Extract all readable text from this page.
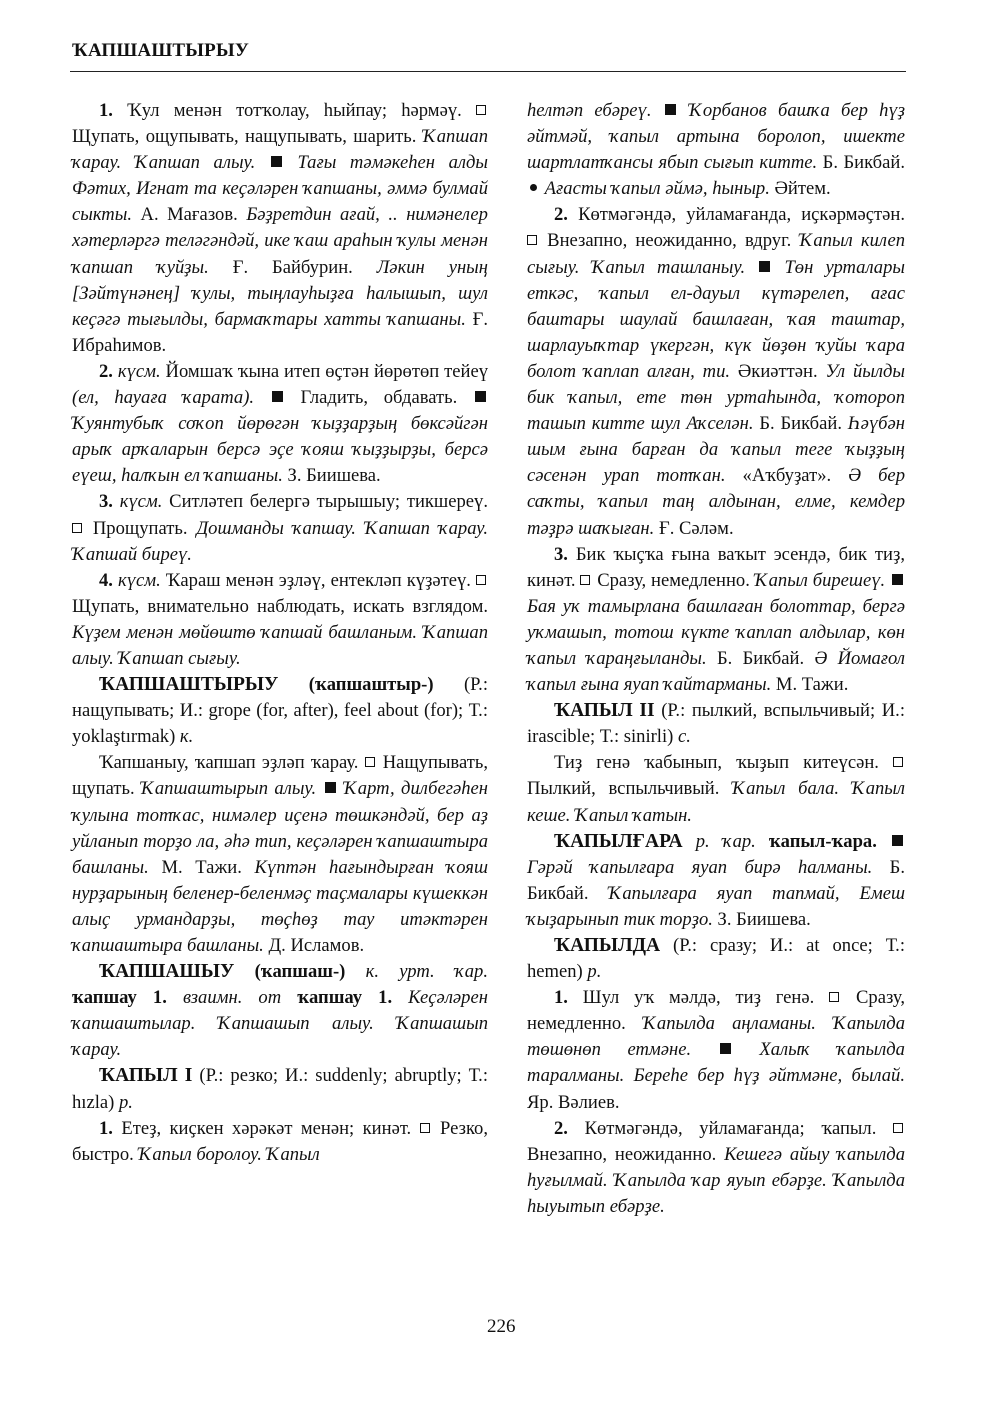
ҠАПШАШТЫРЫУ
1. Ҡул менән тотҡолау, һыйпау; һәрмәү.  Щупать, ощупывать, нащупывать, шарить. Ҡапшап ҡарау. Ҡапшап алыу. Тағы тәмәкеһен алды Фәтих, Игнат та кеҫәләрен ҡапшаны, әммә булмай сыкты. А. Мағазов. Бәҙретдин ағай, .. нимәнелер хәтерләргә теләгәндәй, ике ҡаш араһын ҡулы менән ҡапшап ҡуйҙы. Ғ. Байбурин. Ләкин уның [Зәйтүнәнең] ҡулы, тыңлауһыҙға һалышып, шул кеҫәгә тығылды, бармаҡтары хатты ҡапшаны. Ғ. Ибраһимов.
2. күсм. Йомшаҡ ҡына итеп өҫтән йөрөтөп тейеү (ел, һауаға ҡарата).  Гладить, обдавать.  Ҡуянтубыҡ соҡоп йөрөгән ҡыҙҙарҙың бөксәйгән арыҡ арҡаларын берсә эҫе ҡояш ҡыҙҙырҙы, берсә еүеш, һалҡын ел ҡапшаны. З. Биишева.
3. күсм. Ситләтеп белергә тырышыу; тикшереү.  Прощупать. Дошманды ҡапшау. Ҡапшап ҡарау. Ҡапшай биреү.
4. күсм. Ҡараш менән эҙләү, ентекләп күҙәтеү.  Щупать, внимательно наблюдать, искать взглядом. Күҙем менән мөйөштө ҡапшай башланым. Ҡапшап алыу. Ҡапшап сығыу.
ҠАПШАШТЫРЫУ (ҡапшаштыр-) (Р.: нащупывать; И.: grope (for, after), feel about (for); Т.: yoklaştırmak) к.
Ҡапшаныу, ҡапшап эҙләп ҡарау.  Нащупывать, щупать. Ҡапшаштырып алыу. Ҡарт, дилбегәһен ҡулына тотҡас, нимәлер иҫенә төшкәндәй, бер аҙ уйланып торҙо ла, әһә тип, кеҫәләрен ҡапшаштыра башланы. М. Тажи. Күптән һағындырған ҡояш нурҙарының беленер-беленмәҫ таҫмалары күшеккән алыҫ урмандарҙы, төҫһөҙ тау итәктәрен ҡапшаштыра башланы. Д. Исламов.
ҠАПШАШЫУ (ҡапшаш-) к. урт. ҡар. ҡапшау 1. взаимн. от ҡапшау 1. Кеҫәләрен ҡапшаштылар. Ҡапшашып алыу. Ҡапшашып ҡарау.
ҠАПЫЛ I (Р.: резко; И.: suddenly; abruptly; Т.: hızla) р.
1. Етеҙ, киҫкен хәрәкәт менән; кинәт.  Резко, быстро. Ҡапыл боролоу. Ҡапыл
һелтәп ебәреү. Ҡорбанов башҡа бер һүҙ әйтмәй, ҡапыл артына боролоп, ишекте шартлатҡансы ябып сығып китте. Б. Бикбай.  Ағасты ҡапыл әймә, һыныр. Әйтем.
2. Көтмәгәндә, уйламағанда, иҫкәрмәҫтән.  Внезапно, неожиданно, вдруг. Ҡапыл килеп сығыу. Ҡапыл ташланыу. Төн урталары еткәс, ҡапыл ел-дауыл күтәрелеп, ағас баштары шаулай башлаған, ҡая таштар, шарлауыҡтар үкергән, күк йөҙөн ҡуйы ҡара болот ҡаплап алған, ти. Әкиәттән. Ул йылды бик ҡапыл, ете төн уртаһында, ҡотороп ташып китте шул Аҡселән. Б. Бикбай. Һәүбән шым ғына барған да ҡапыл теге ҡыҙҙың сәсенән урап тотҡан. «Аҡбуҙат». Ә бер саҡты, ҡапыл таң алдынан, елме, кемдер тәҙрә шаҡыған. Ғ. Сәләм.
3. Бик ҡыҫҡа ғына ваҡыт эсендә, бик тиҙ, кинәт.  Сразу, немедленно. Ҡапыл бирешеү.  Бая уҡ тамырлана башлаған болоттар, бергә уҡмашып, тотош күкте ҡаплап алдылар, көн ҡапыл ҡараңғыланды. Б. Бикбай. Ә Йомағол ҡапыл ғына яуап ҡайтарманы. М. Тажи.
ҠАПЫЛ II (Р.: пылкий, вспыльчивый; И.: irascible; Т.: sinirli) с.
Тиҙ генә ҡабынып, ҡыҙып китеүсән.  Пылкий, вспыльчивый. Ҡапыл бала. Ҡапыл кеше. Ҡапыл ҡатын.
ҠАПЫЛҒАРА р. ҡар. ҡапыл-ҡара.  Гәрәй ҡапылғара яуап бирә һалманы. Б. Бикбай. Ҡапылғара яуап тапмай, Емеш ҡыҙарынып тик торҙо. З. Биишева.
ҠАПЫЛДА (Р.: сразу; И.: at once; Т.: hemen) р.
1. Шул уҡ мәлдә, тиҙ генә.  Сразу, немедленно. Ҡапылда аңламаны. Ҡапылда төшөнөп етмәне.	Халыҡ ҡапылда таралманы. Береһе бер һүҙ әйтмәне, былай. Яр. Вәлиев.
2. Көтмәгәндә, уйламағанда; ҡапыл.  Внезапно, неожиданно. Кешегә айыу ҡапылда һуғылмай. Ҡапылда ҡар яуып ебәрҙе. Ҡапылда һыуытып ебәрҙе.
226
